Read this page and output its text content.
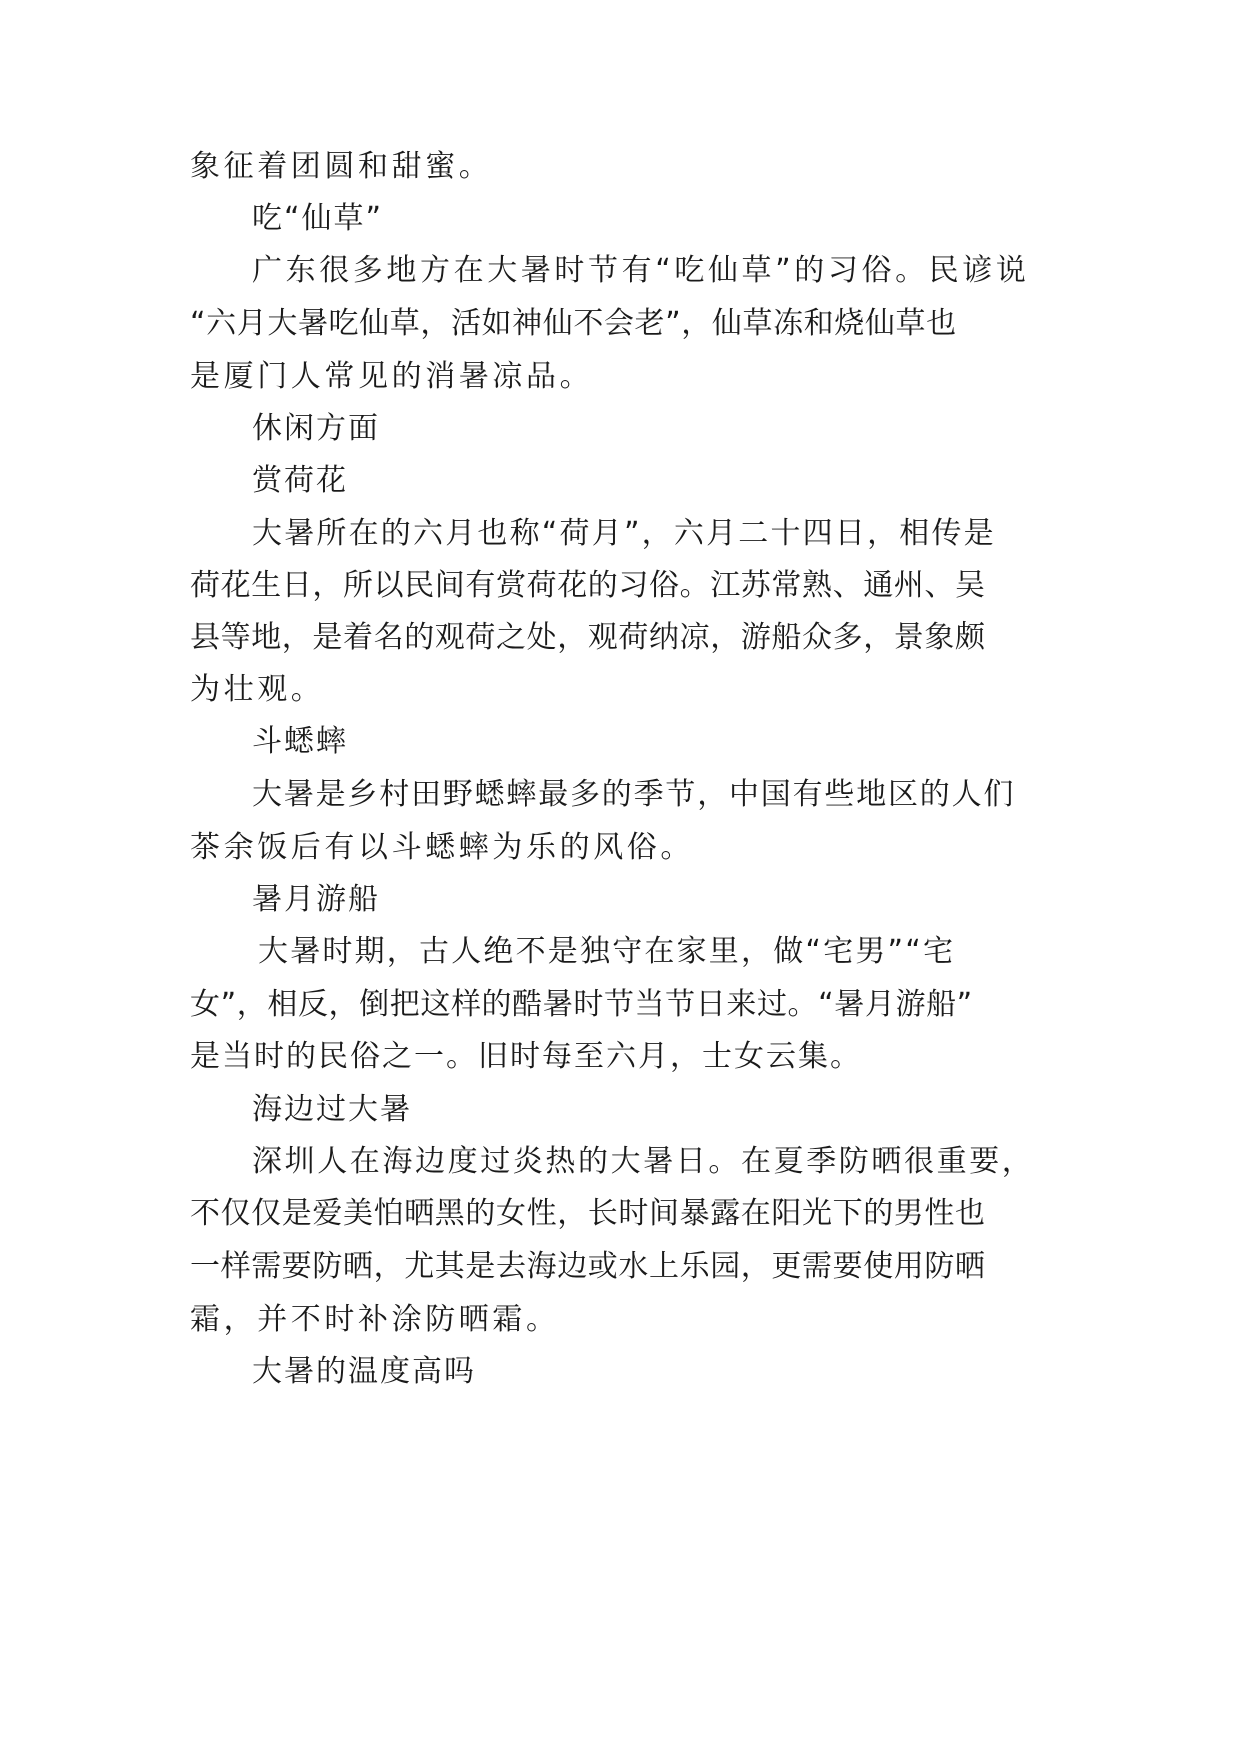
象征着团圆和甜蜜。
吃“仙草”
广东很多地方在大暑时节有“吃仙草”的习俗。民谚说
“六月大暑吃仙草，活如神仙不会老”，仙草冻和烧仙草也
是厦门人常见的消暑凉品。
休闲方面
赏荷花
大暑所在的六月也称“荷月”，六月二十四日，相传是
荷花生日，所以民间有赏荷花的习俗。江苏常熟、通州、吴
县等地，是着名的观荷之处，观荷纳凉，游船众多，景象颇
为壮观。
斗蟋蟀
大暑是乡村田野蟋蟀最多的季节，中国有些地区的人们
茶余饭后有以斗蟋蟀为乐的风俗。
暑月游船
大暑时期，古人绝不是独守在家里，做“宅男”“宅
女”，相反，倒把这样的酷暑时节当节日来过。“暑月游船”
是当时的民俗之一。旧时每至六月，士女云集。
海边过大暑
深圳人在海边度过炎热的大暑日。在夏季防晒很重要，
不仅仅是爱美怕晒黑的女性，长时间暴露在阳光下的男性也
一样需要防晒，尤其是去海边或水上乐园，更需要使用防晒
霜，并不时补涂防晒霜。
大暑的温度高吗
